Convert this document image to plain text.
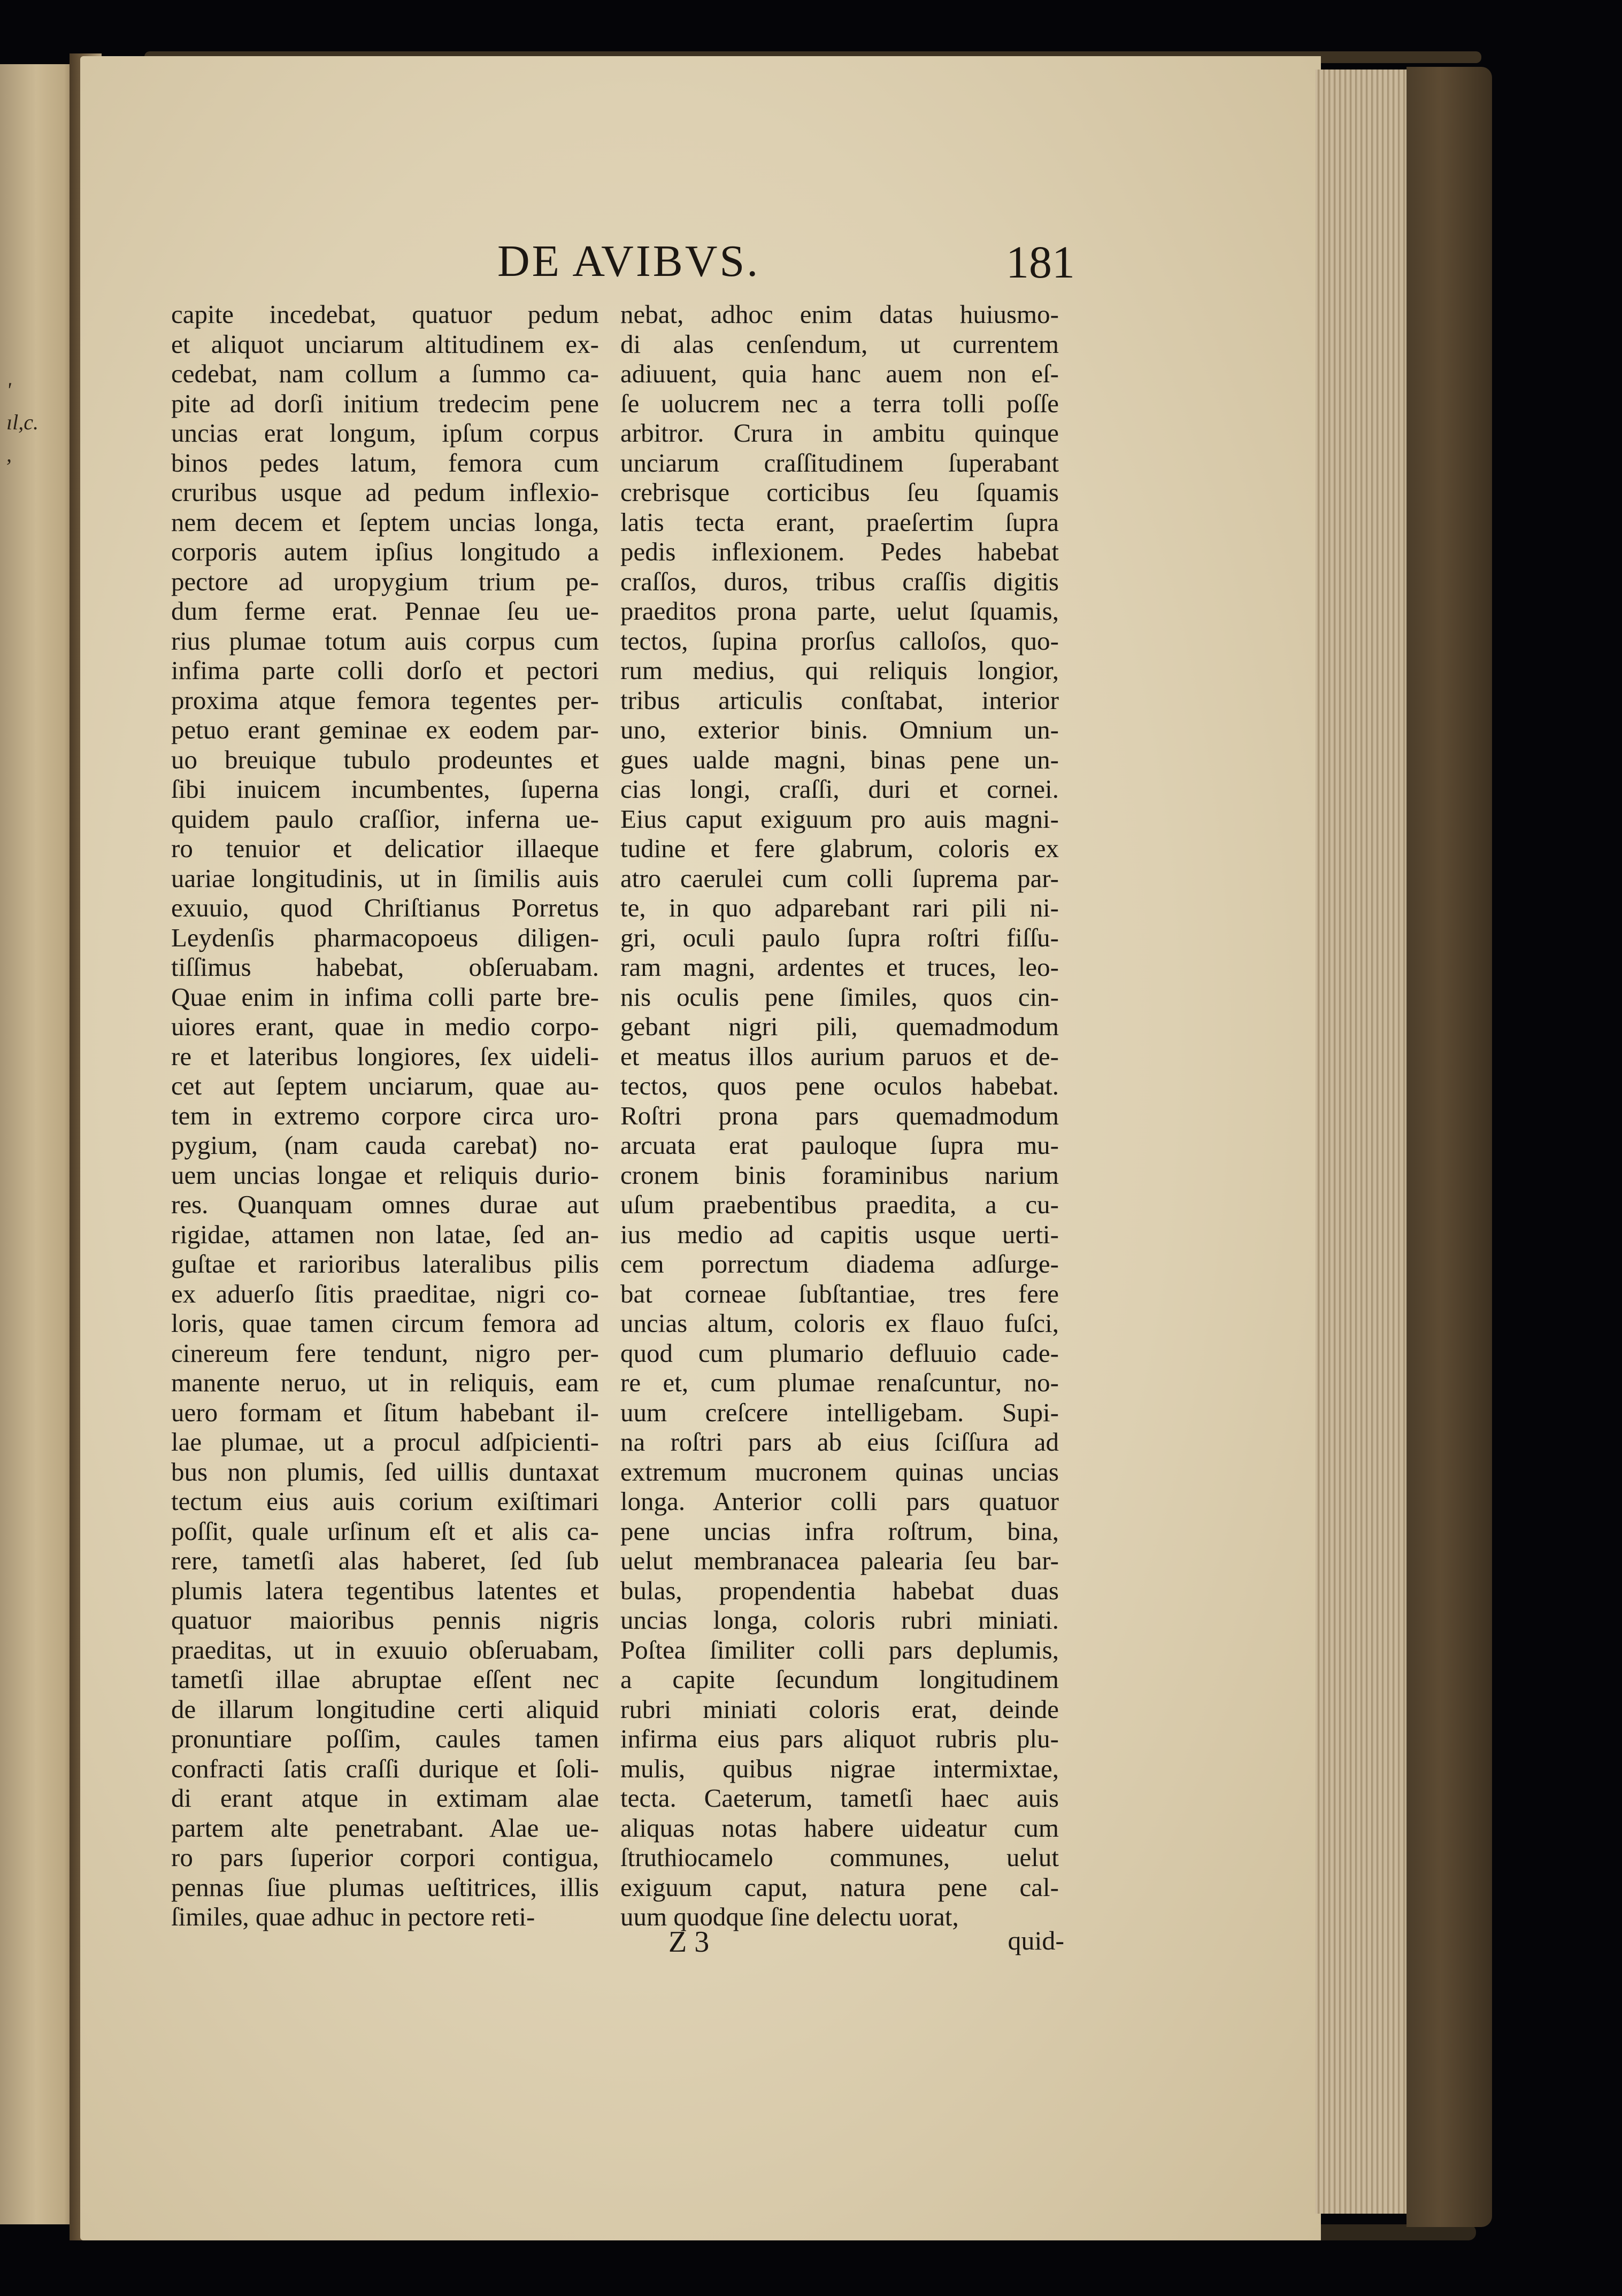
'
ıl,c.
,
DE AVIBVS.	181
capite incedebat, quatuor pedum
et aliquot unciarum altitudinem ex-
cedebat, nam collum a ſummo ca-
pite ad dorſi initium tredecim pene
uncias erat longum, ipſum corpus
binos pedes latum, femora cum
cruribus usque ad pedum inflexio-
nem decem et ſeptem uncias longa,
corporis autem ipſius longitudo a
pectore ad uropygium trium pe-
dum ferme erat. Pennae ſeu ue-
rius plumae totum auis corpus cum
infima parte colli dorſo et pectori
proxima atque femora tegentes per-
petuo erant geminae ex eodem par-
uo breuique tubulo prodeuntes et
ſibi inuicem incumbentes, ſuperna
quidem paulo craſſior, inferna ue-
ro tenuior et delicatior illaeque
uariae longitudinis, ut in ſimilis auis
exuuio, quod Chriſtianus Porretus
Leydenſis pharmacopoeus diligen-
tiſſimus habebat, obſeruabam.
Quae enim in infima colli parte bre-
uiores erant, quae in medio corpo-
re et lateribus longiores, ſex uideli-
cet aut ſeptem unciarum, quae au-
tem in extremo corpore circa uro-
pygium, (nam cauda carebat) no-
uem uncias longae et reliquis durio-
res. Quanquam omnes durae aut
rigidae, attamen non latae, ſed an-
guſtae et rarioribus lateralibus pilis
ex aduerſo ſitis praeditae, nigri co-
loris, quae tamen circum femora ad
cinereum fere tendunt, nigro per-
manente neruo, ut in reliquis, eam
uero formam et ſitum habebant il-
lae plumae, ut a procul adſpicienti-
bus non plumis, ſed uillis duntaxat
tectum eius auis corium exiſtimari
poſſit, quale urſinum eſt et alis ca-
rere, tametſi alas haberet, ſed ſub
plumis latera tegentibus latentes et
quatuor maioribus pennis nigris
praeditas, ut in exuuio obſeruabam,
tametſi illae abruptae eſſent nec
de illarum longitudine certi aliquid
pronuntiare poſſim, caules tamen
confracti ſatis craſſi durique et ſoli-
di erant atque in extimam alae
partem alte penetrabant. Alae ue-
ro pars ſuperior corpori contigua,
pennas ſiue plumas ueſtitrices, illis
ſimiles, quae adhuc in pectore reti-
nebat, adhoc enim datas huiusmo-
di alas cenſendum, ut currentem
adiuuent, quia hanc auem non eſ-
ſe uolucrem nec a terra tolli poſſe
arbitror. Crura in ambitu quinque
unciarum craſſitudinem ſuperabant
crebrisque corticibus ſeu ſquamis
latis tecta erant, praeſertim ſupra
pedis inflexionem. Pedes habebat
craſſos, duros, tribus craſſis digitis
praeditos prona parte, uelut ſquamis,
tectos, ſupina prorſus calloſos, quo-
rum medius, qui reliquis longior,
tribus articulis conſtabat, interior
uno, exterior binis. Omnium un-
gues ualde magni, binas pene un-
cias longi, craſſi, duri et cornei.
Eius caput exiguum pro auis magni-
tudine et fere glabrum, coloris ex
atro caerulei cum colli ſuprema par-
te, in quo adparebant rari pili ni-
gri, oculi paulo ſupra roſtri fiſſu-
ram magni, ardentes et truces, leo-
nis oculis pene ſimiles, quos cin-
gebant nigri pili, quemadmodum
et meatus illos aurium paruos et de-
tectos, quos pene oculos habebat.
Roſtri prona pars quemadmodum
arcuata erat pauloque ſupra mu-
cronem binis foraminibus narium
uſum praebentibus praedita, a cu-
ius medio ad capitis usque uerti-
cem porrectum diadema adſurge-
bat corneae ſubſtantiae, tres fere
uncias altum, coloris ex flauo fuſci,
quod cum plumario defluuio cade-
re et, cum plumae renaſcuntur, no-
uum creſcere intelligebam. Supi-
na roſtri pars ab eius ſciſſura ad
extremum mucronem quinas uncias
longa. Anterior colli pars quatuor
pene uncias infra roſtrum, bina,
uelut membranacea palearia ſeu bar-
bulas, propendentia habebat duas
uncias longa, coloris rubri miniati.
Poſtea ſimiliter colli pars deplumis,
a capite ſecundum longitudinem
rubri miniati coloris erat, deinde
infirma eius pars aliquot rubris plu-
mulis, quibus nigrae intermixtae,
tecta. Caeterum, tametſi haec auis
aliquas notas habere uideatur cum
ſtruthiocamelo communes, uelut
exiguum caput, natura pene cal-
uum quodque ſine delectu uorat,
Z 3	quid-
